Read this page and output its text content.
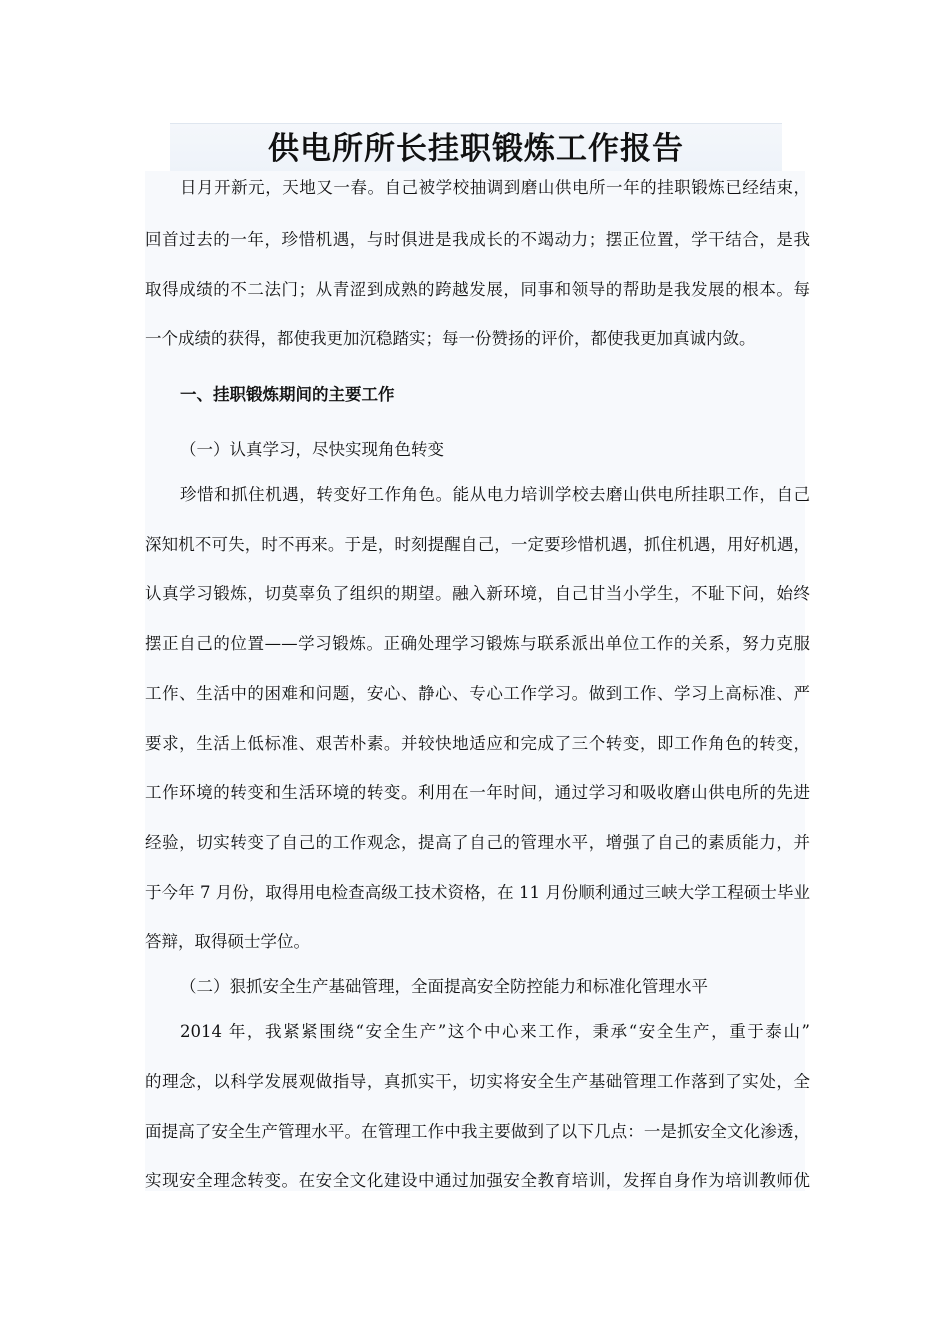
供电所所长挂职锻炼工作报告
日月开新元，天地又一春。自己被学校抽调到磨山供电所一年的挂职锻炼已经结束，
回首过去的一年，珍惜机遇，与时俱进是我成长的不竭动力；摆正位置，学干结合，是我
取得成绩的不二法门；从青涩到成熟的跨越发展，同事和领导的帮助是我发展的根本。每
一个成绩的获得，都使我更加沉稳踏实；每一份赞扬的评价，都使我更加真诚内敛。
一、挂职锻炼期间的主要工作
（一）认真学习，尽快实现角色转变
珍惜和抓住机遇，转变好工作角色。能从电力培训学校去磨山供电所挂职工作，自己
深知机不可失，时不再来。于是，时刻提醒自己，一定要珍惜机遇，抓住机遇，用好机遇，
认真学习锻炼，切莫辜负了组织的期望。融入新环境，自己甘当小学生，不耻下问，始终
摆正自己的位置——学习锻炼。正确处理学习锻炼与联系派出单位工作的关系，努力克服
工作、生活中的困难和问题，安心、静心、专心工作学习。做到工作、学习上高标准、严
要求，生活上低标准、艰苦朴素。并较快地适应和完成了三个转变，即工作角色的转变，
工作环境的转变和生活环境的转变。利用在一年时间，通过学习和吸收磨山供电所的先进
经验，切实转变了自己的工作观念，提高了自己的管理水平，增强了自己的素质能力，并
于今年 7 月份，取得用电检查高级工技术资格，在 11 月份顺利通过三峡大学工程硕士毕业
答辩，取得硕士学位。
（二）狠抓安全生产基础管理，全面提高安全防控能力和标准化管理水平
2014 年，我紧紧围绕“安全生产”这个中心来工作，秉承“安全生产，重于泰山”
的理念，以科学发展观做指导，真抓实干，切实将安全生产基础管理工作落到了实处，全
面提高了安全生产管理水平。在管理工作中我主要做到了以下几点：一是抓安全文化渗透，
实现安全理念转变。在安全文化建设中通过加强安全教育培训，发挥自身作为培训教师优
